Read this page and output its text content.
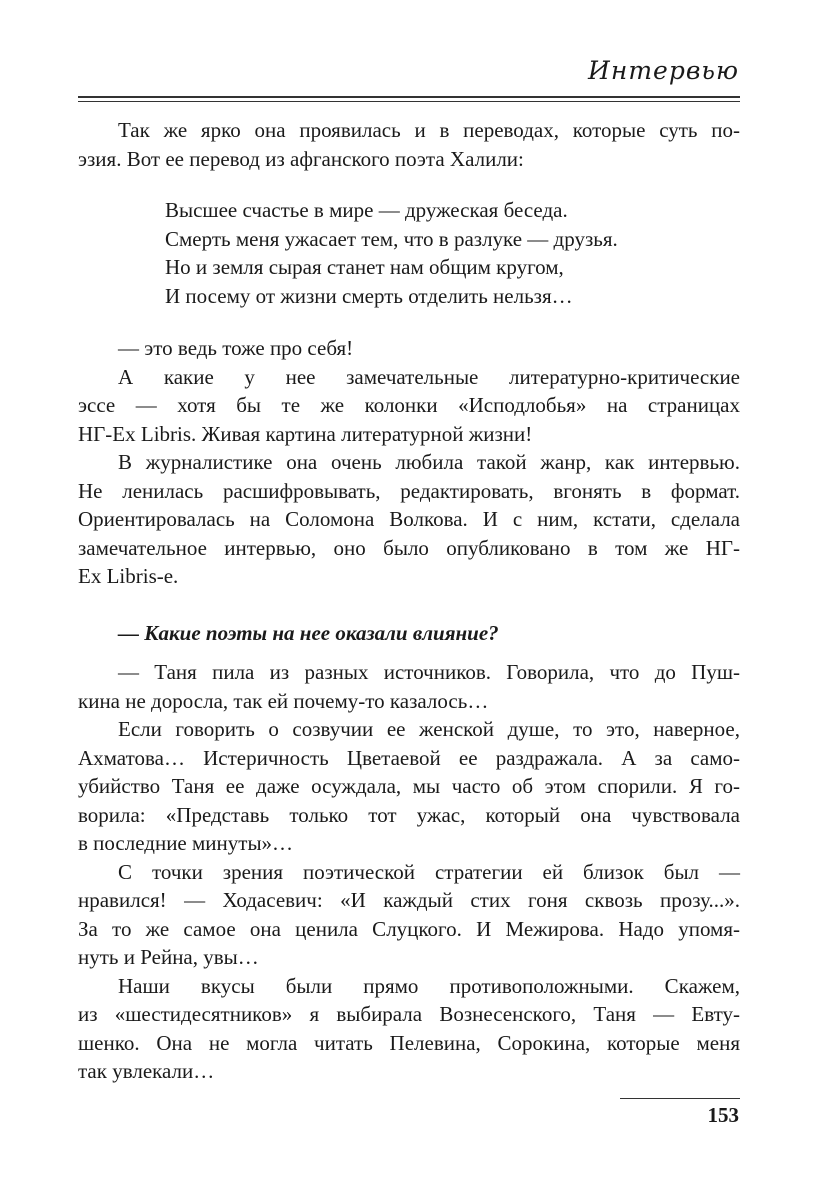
Интервью
Так же ярко она проявилась и в переводах, которые суть по-
эзия. Вот ее перевод из афганского поэта Халили:
Высшее счастье в мире — дружеская беседа.
Смерть меня ужасает тем, что в разлуке — друзья.
Но и земля сырая станет нам общим кругом,
И посему от жизни смерть отделить нельзя…
— это ведь тоже про себя!
А какие у нее замечательные литературно-критические
эссе — хотя бы те же колонки «Исподлобья» на страницах
НГ-Ex Libris. Живая картина литературной жизни!
В журналистике она очень любила такой жанр, как интервью.
Не ленилась расшифровывать, редактировать, вгонять в формат.
Ориентировалась на Соломона Волкова. И с ним, кстати, сделала
замечательное интервью, оно было опубликовано в том же НГ-
Ex Libris-е.
— Какие поэты на нее оказали влияние?
— Таня пила из разных источников. Говорила, что до Пуш-
кина не доросла, так ей почему-то казалось…
Если говорить о созвучии ее женской душе, то это, наверное,
Ахматова… Истеричность Цветаевой ее раздражала. А за само-
убийство Таня ее даже осуждала, мы часто об этом спорили. Я го-
ворила: «Представь только тот ужас, который она чувствовала
в последние минуты»…
С точки зрения поэтической стратегии ей близок был —
нравился! — Ходасевич: «И каждый стих гоня сквозь прозу...».
За то же самое она ценила Слуцкого. И Межирова. Надо упомя-
нуть и Рейна, увы…
Наши вкусы были прямо противоположными. Скажем,
из «шестидесятников» я выбирала Вознесенского, Таня — Евту-
шенко. Она не могла читать Пелевина, Сорокина, которые меня
так увлекали…
153
